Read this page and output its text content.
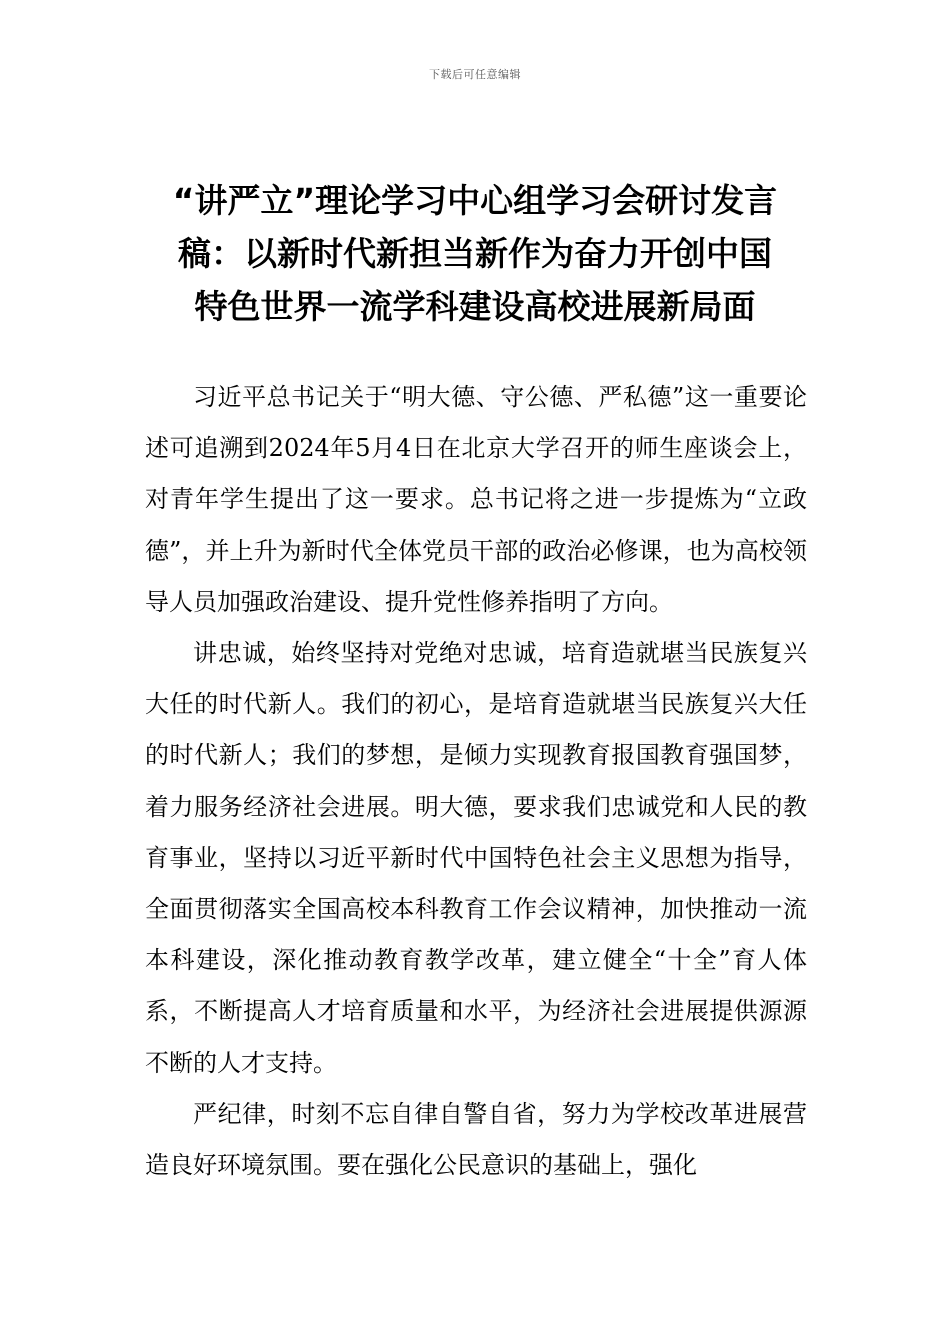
下载后可任意编辑
“讲严立”理论学习中心组学习会研讨发言
稿：以新时代新担当新作为奋力开创中国
特色世界一流学科建设高校进展新局面

习近平总书记关于“明大德、守公德、严私德”这一重要论述可追溯到2024年5月4日在北京大学召开的师生座谈会上，对青年学生提出了这一要求。总书记将之进一步提炼为“立政德”，并上升为新时代全体党员干部的政治必修课，也为高校领导人员加强政治建设、提升党性修养指明了方向。

讲忠诚，始终坚持对党绝对忠诚，培育造就堪当民族复兴大任的时代新人。我们的初心，是培育造就堪当民族复兴大任的时代新人；我们的梦想，是倾力实现教育报国教育强国梦，着力服务经济社会进展。明大德，要求我们忠诚党和人民的教育事业，坚持以习近平新时代中国特色社会主义思想为指导，全面贯彻落实全国高校本科教育工作会议精神，加快推动一流本科建设，深化推动教育教学改革，建立健全“十全”育人体系，不断提高人才培育质量和水平，为经济社会进展提供源源不断的人才支持。

严纪律，时刻不忘自律自警自省，努力为学校改革进展营造良好环境氛围。要在强化公民意识的基础上，强化
